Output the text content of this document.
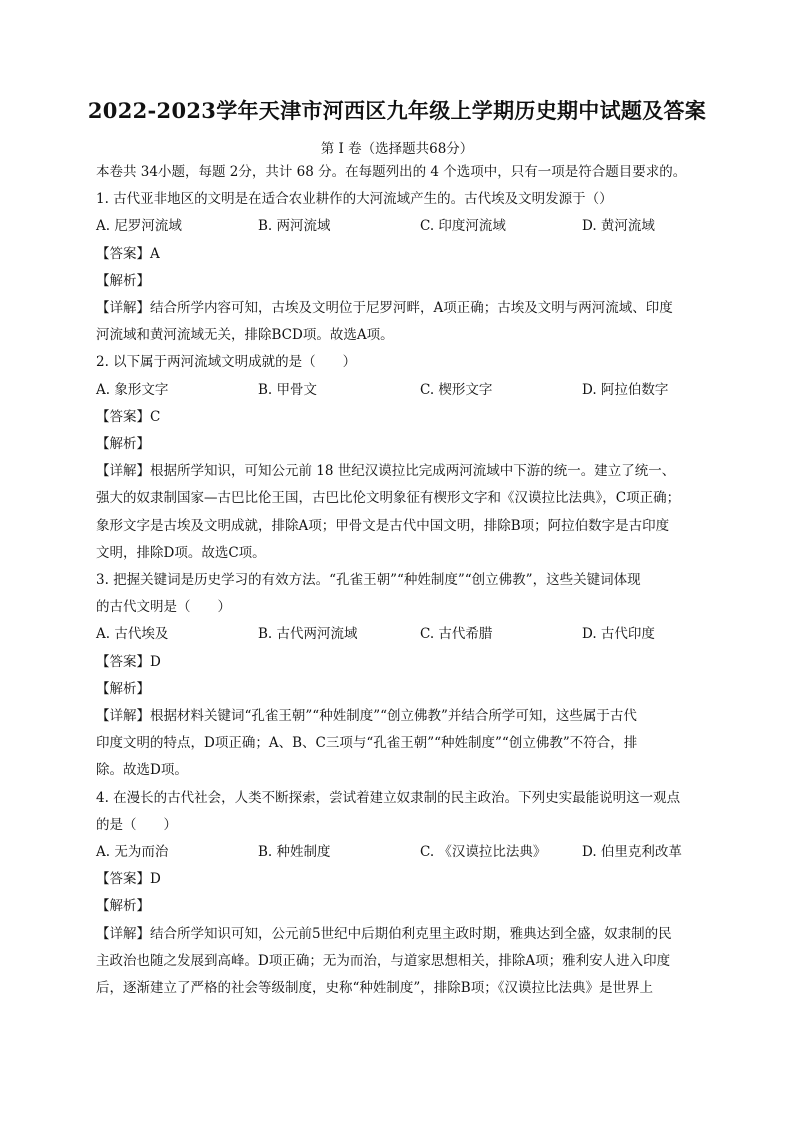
2022-2023学年天津市河西区九年级上学期历史期中试题及答案
第 I 卷（选择题共68分）
本卷共 34小题，每题 2分，共计 68 分。在每题列出的 4 个选项中，只有一项是符合题目要求的。
1. 古代亚非地区的文明是在适合农业耕作的大河流域产生的。古代埃及文明发源于（）
A. 尼罗河流域	B. 两河流域	C. 印度河流域	D. 黄河流域
【答案】A
【解析】
【详解】结合所学内容可知，古埃及文明位于尼罗河畔，A项正确；古埃及文明与两河流域、印度
河流域和黄河流域无关，排除BCD项。故选A项。
2. 以下属于两河流域文明成就的是（　　）
A. 象形文字	B. 甲骨文	C. 楔形文字	D. 阿拉伯数字
【答案】C
【解析】
【详解】根据所学知识，可知公元前 18 世纪汉谟拉比完成两河流域中下游的统一。建立了统一、
强大的奴隶制国家—古巴比伦王国，古巴比伦文明象征有楔形文字和《汉谟拉比法典》，C项正确；
象形文字是古埃及文明成就，排除A项；甲骨文是古代中国文明，排除B项；阿拉伯数字是古印度
文明，排除D项。故选C项。
3. 把握关键词是历史学习的有效方法。“孔雀王朝”“种姓制度”“创立佛教”，这些关键词体现
的古代文明是（　　）
A. 古代埃及	B. 古代两河流域	C. 古代希腊	D. 古代印度
【答案】D
【解析】
【详解】根据材料关键词“孔雀王朝”“种姓制度”“创立佛教”并结合所学可知，这些属于古代
印度文明的特点，D项正确；A、B、C三项与“孔雀王朝”“种姓制度”“创立佛教”不符合，排
除。故选D项。
4. 在漫长的古代社会，人类不断探索，尝试着建立奴隶制的民主政治。下列史实最能说明这一观点
的是（　　）
A. 无为而治	B. 种姓制度	C. 《汉谟拉比法典》	D. 伯里克利改革
【答案】D
【解析】
【详解】结合所学知识可知，公元前5世纪中后期伯利克里主政时期，雅典达到全盛，奴隶制的民
主政治也随之发展到高峰。D项正确；无为而治，与道家思想相关，排除A项；雅利安人进入印度
后，逐渐建立了严格的社会等级制度，史称“种姓制度”，排除B项；《汉谟拉比法典》是世界上
